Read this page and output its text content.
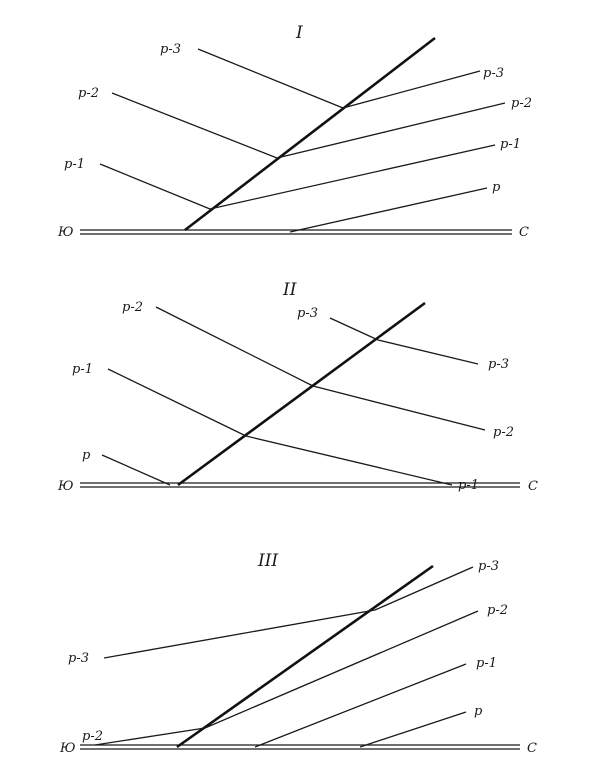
I
Ю	С
р-3
р-2
р-1
р-3
р-2
р-1
р
II
Ю	С
р-2
р-1
р
р-3
р-3
р-2
р-1
III
Ю	С
р-3
р-2
р-3
р-2
р-1
р
